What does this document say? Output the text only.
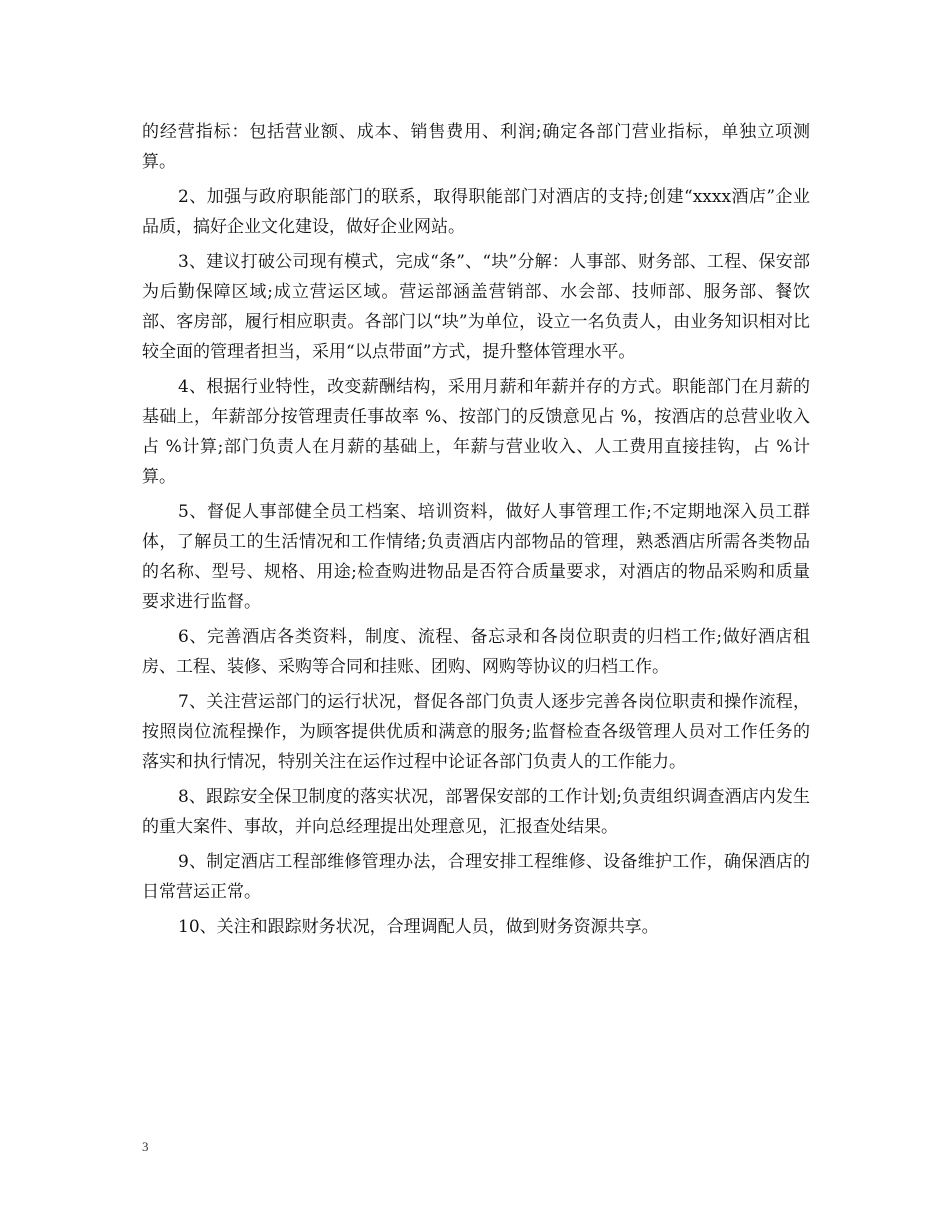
的经营指标：包括营业额、成本、销售费用、利润;确定各部门营业指标，单独立项测算。

2、加强与政府职能部门的联系，取得职能部门对酒店的支持;创建“xxxx酒店”企业品质，搞好企业文化建设，做好企业网站。

3、建议打破公司现有模式，完成“条”、“块”分解：人事部、财务部、工程、保安部为后勤保障区域;成立营运区域。营运部涵盖营销部、水会部、技师部、服务部、餐饮部、客房部，履行相应职责。各部门以“块”为单位，设立一名负责人，由业务知识相对比较全面的管理者担当，采用“以点带面”方式，提升整体管理水平。

4、根据行业特性，改变薪酬结构，采用月薪和年薪并存的方式。职能部门在月薪的基础上，年薪部分按管理责任事故率 %、按部门的反馈意见占 %，按酒店的总营业收入占 %计算;部门负责人在月薪的基础上，年薪与营业收入、人工费用直接挂钩，占 %计算。

5、督促人事部健全员工档案、培训资料，做好人事管理工作;不定期地深入员工群体，了解员工的生活情况和工作情绪;负责酒店内部物品的管理，熟悉酒店所需各类物品的名称、型号、规格、用途;检查购进物品是否符合质量要求，对酒店的物品采购和质量要求进行监督。

6、完善酒店各类资料，制度、流程、备忘录和各岗位职责的归档工作;做好酒店租房、工程、装修、采购等合同和挂账、团购、网购等协议的归档工作。

7、关注营运部门的运行状况，督促各部门负责人逐步完善各岗位职责和操作流程，按照岗位流程操作，为顾客提供优质和满意的服务;监督检查各级管理人员对工作任务的落实和执行情况，特别关注在运作过程中论证各部门负责人的工作能力。

8、跟踪安全保卫制度的落实状况，部署保安部的工作计划;负责组织调查酒店内发生的重大案件、事故，并向总经理提出处理意见，汇报查处结果。

9、制定酒店工程部维修管理办法，合理安排工程维修、设备维护工作，确保酒店的日常营运正常。

10、关注和跟踪财务状况，合理调配人员，做到财务资源共享。

3
